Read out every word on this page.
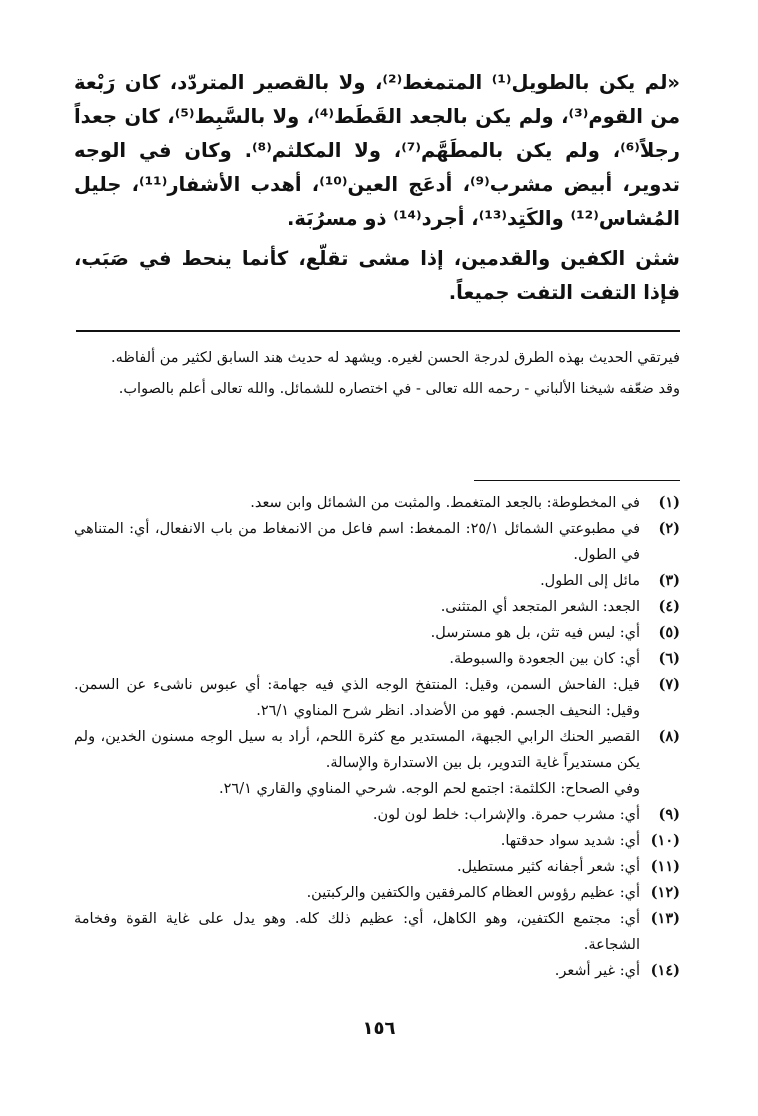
«لم يكن بالطويل⁽¹⁾ المتمغط⁽²⁾، ولا بالقصير المتردّد، كان رَبْعة من القوم⁽³⁾، ولم يكن بالجعد القَطَط⁽⁴⁾، ولا بالسَّبِط⁽⁵⁾، كان جعداً رجلاً⁽⁶⁾، ولم يكن بالمطَهَّم⁽⁷⁾، ولا المكلثم⁽⁸⁾. وكان في الوجه تدوير، أبيض مشرب⁽⁹⁾، أدعَج العين⁽¹⁰⁾، أهدب الأشفار⁽¹¹⁾، جليل المُشاس⁽¹²⁾ والكَتِد⁽¹³⁾، أجرد⁽¹⁴⁾ ذو مسرُبَة.

شثن الكفين والقدمين، إذا مشى تقلّع، كأنما ينحط في صَبَب، فإذا التفت التفت جميعاً.

فيرتقي الحديث بهذه الطرق لدرجة الحسن لغيره. ويشهد له حديث هند السابق لكثير من ألفاظه.

وقد ضعّفه شيخنا الألباني - رحمه الله تعالى - في اختصاره للشمائل. والله تعالى أعلم بالصواب.

(١)
في المخطوطة: بالجعد المتغمط. والمثبت من الشمائل وابن سعد.
(٢)
في مطبوعتي الشمائل ٢٥/١: الممغط: اسم فاعل من الانمغاط من باب الانفعال، أي: المتناهي في الطول.
(٣)
مائل إلى الطول.
(٤)
الجعد: الشعر المتجعد أي المتثنى.
(٥)
أي: ليس فيه تثن، بل هو مسترسل.
(٦)
أي: كان بين الجعودة والسبوطة.
(٧)
قيل: الفاحش السمن، وقيل: المنتفخ الوجه الذي فيه جهامة: أي عبوس ناشىء عن السمن. وقيل: النحيف الجسم. فهو من الأضداد. انظر شرح المناوي ٢٦/١.
(٨)
القصير الحنك الرابي الجبهة، المستدير مع كثرة اللحم، أراد به سيل الوجه مسنون الخدين، ولم يكن مستديراً غاية التدوير، بل بين الاستدارة والإسالة.
وفي الصحاح: الكلثمة: اجتمع لحم الوجه. شرحي المناوي والقاري ٢٦/١.
(٩)
أي: مشرب حمرة. والإشراب: خلط لون لون.
(١٠)
أي: شديد سواد حدقتها.
(١١)
أي: شعر أجفانه كثير مستطيل.
(١٢)
أي: عظيم رؤوس العظام كالمرفقين والكتفين والركبتين.
(١٣)
أي: مجتمع الكتفين، وهو الكاهل، أي: عظيم ذلك كله. وهو يدل على غاية القوة وفخامة الشجاعة.
(١٤)
أي: غير أشعر.
١٥٦
